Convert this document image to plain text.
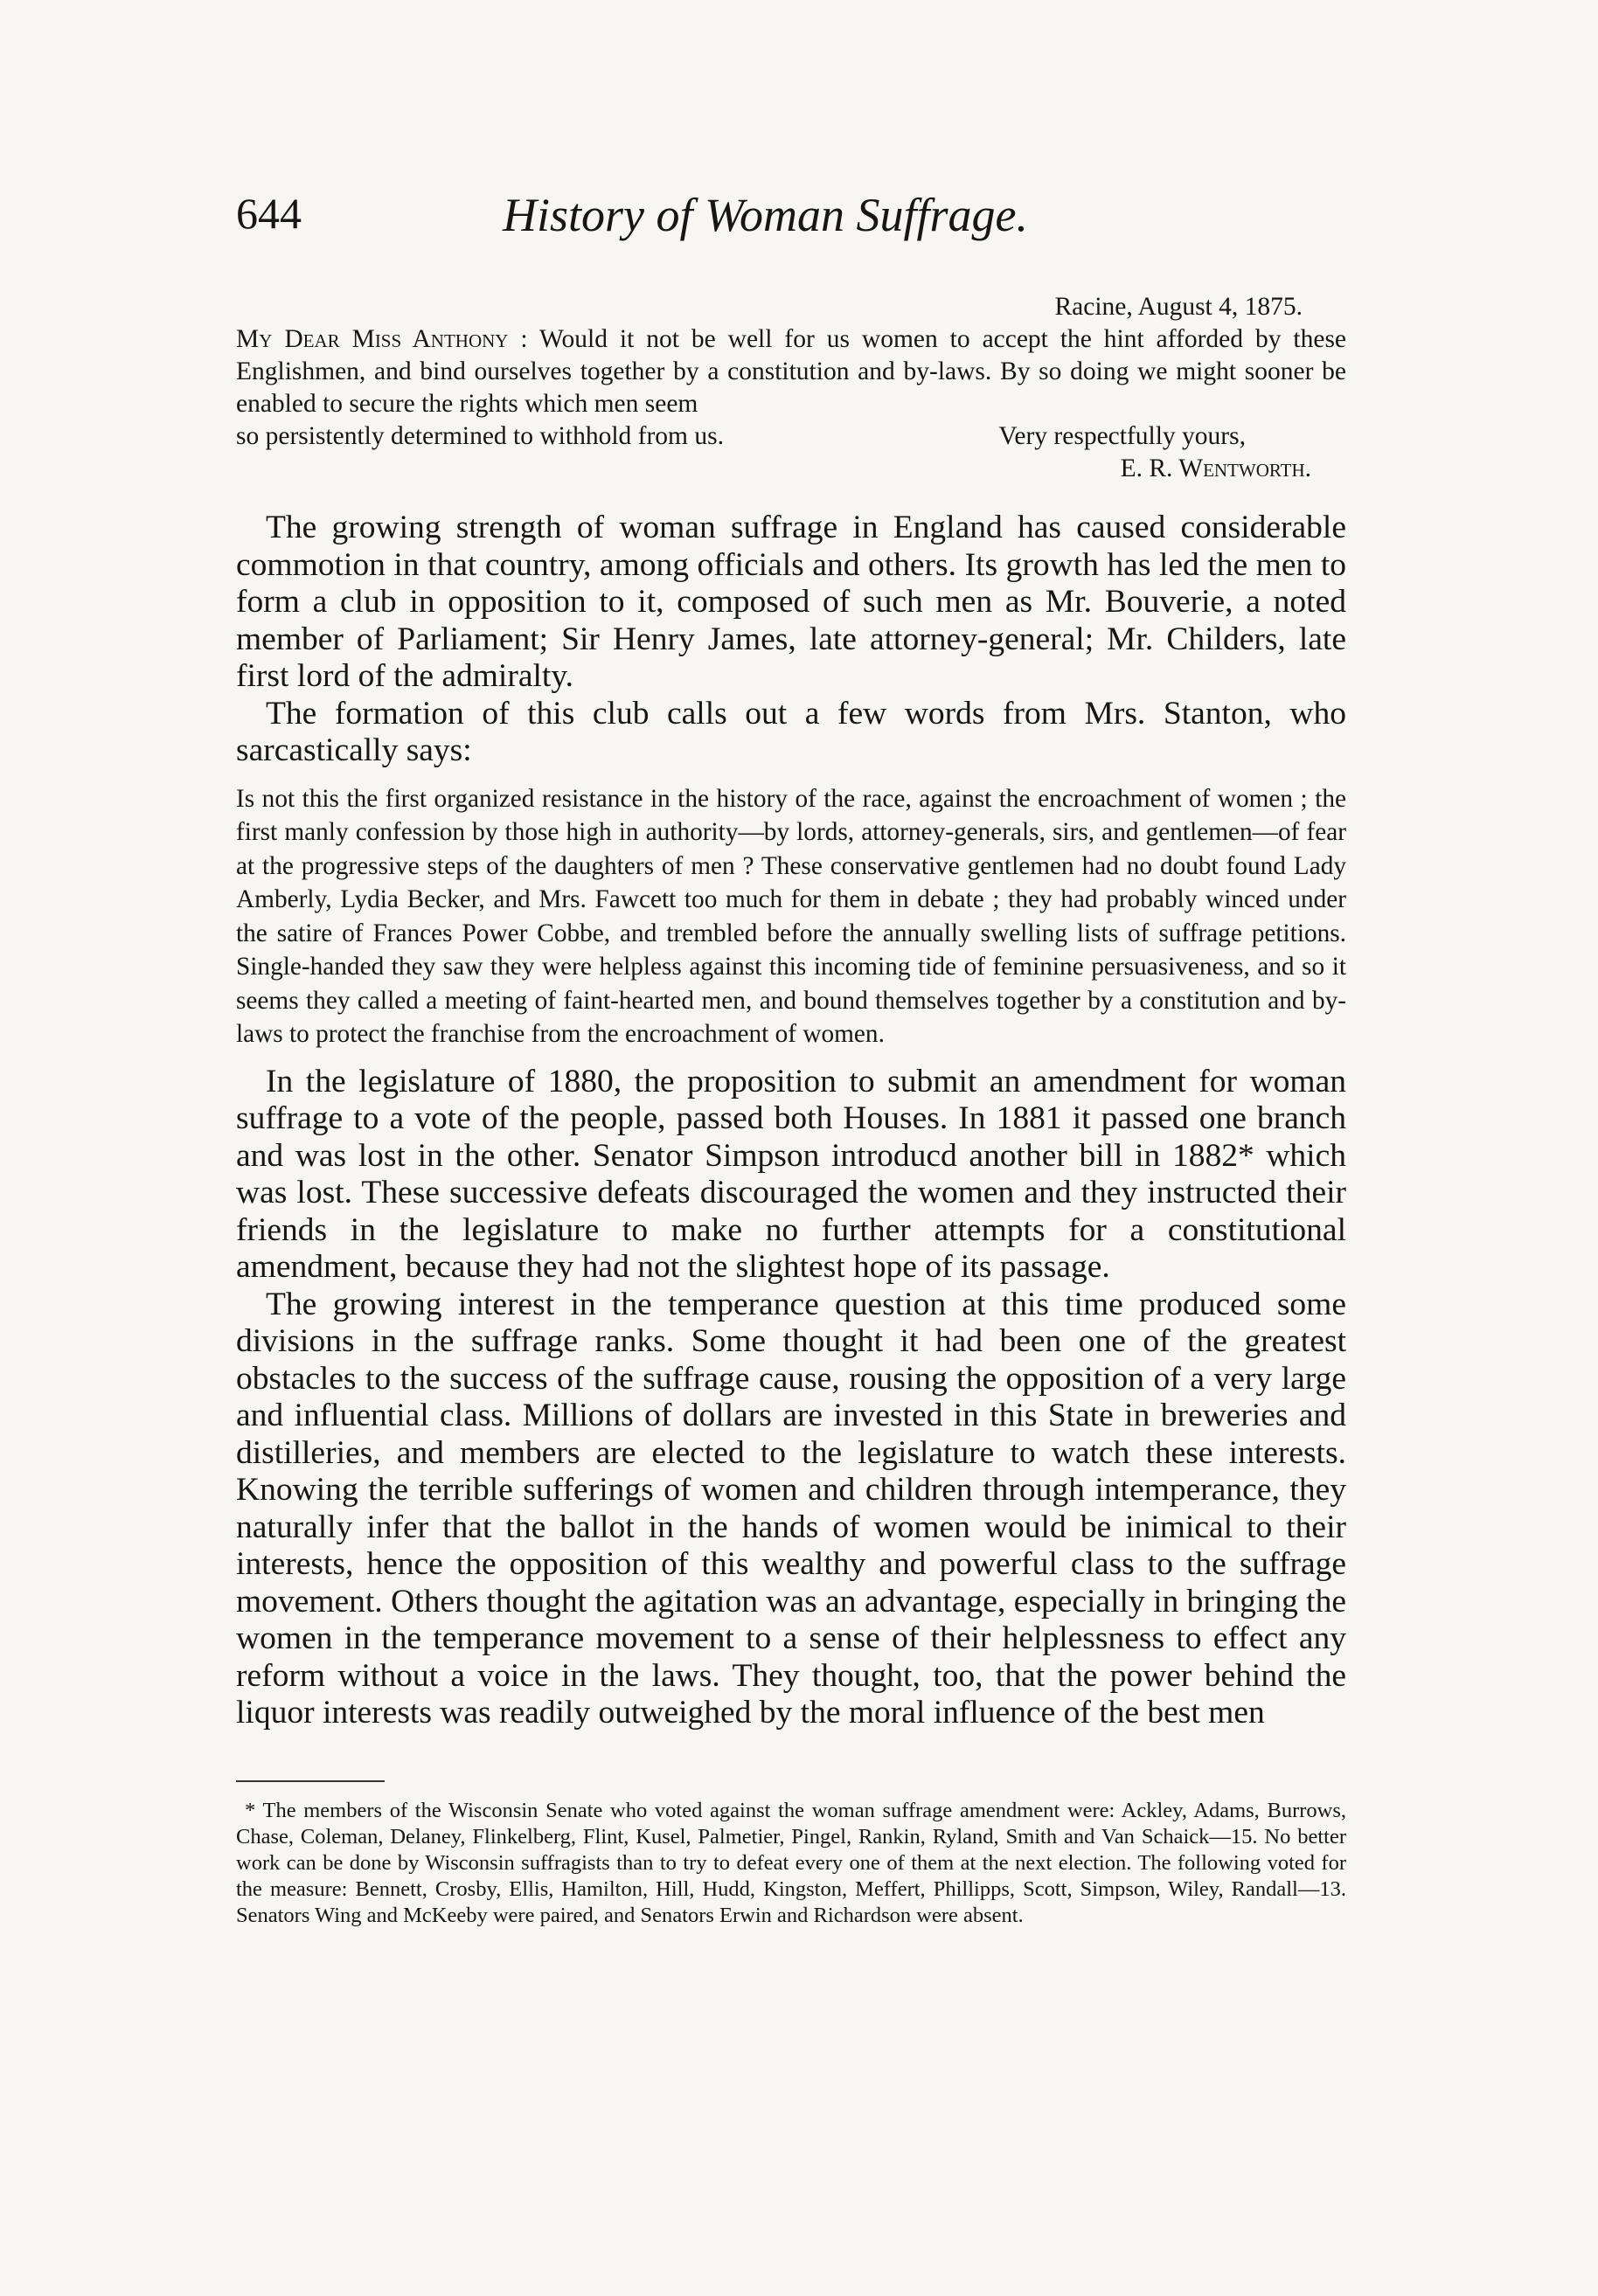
644	History of Woman Suffrage.

Racine, August 4, 1875.

My Dear Miss Anthony : Would it not be well for us women to accept the hint afforded by these Englishmen, and bind ourselves together by a constitution and by-laws. By so doing we might sooner be enabled to secure the rights which men seem

so persistently determined to withhold from us.	Very respectfully yours,

E. R. Wentworth.

The growing strength of woman suffrage in England has caused considerable commotion in that country, among officials and others. Its growth has led the men to form a club in opposition to it, composed of such men as Mr. Bouverie, a noted member of Parliament; Sir Henry James, late attorney-general; Mr. Childers, late first lord of the admiralty.

The formation of this club calls out a few words from Mrs. Stanton, who sarcastically says:

Is not this the first organized resistance in the history of the race, against the encroachment of women ; the first manly confession by those high in authority—by lords, attorney-generals, sirs, and gentlemen—of fear at the progressive steps of the daughters of men ? These conservative gentlemen had no doubt found Lady Amberly, Lydia Becker, and Mrs. Fawcett too much for them in debate ; they had probably winced under the satire of Frances Power Cobbe, and trembled before the annually swelling lists of suffrage petitions. Single-handed they saw they were helpless against this incoming tide of feminine persuasiveness, and so it seems they called a meeting of faint-hearted men, and bound themselves together by a constitution and by-laws to protect the franchise from the encroachment of women.

In the legislature of 1880, the proposition to submit an amendment for woman suffrage to a vote of the people, passed both Houses. In 1881 it passed one branch and was lost in the other. Senator Simpson introducd another bill in 1882* which was lost. These successive defeats discouraged the women and they instructed their friends in the legislature to make no further attempts for a constitutional amendment, because they had not the slightest hope of its passage.

The growing interest in the temperance question at this time produced some divisions in the suffrage ranks. Some thought it had been one of the greatest obstacles to the success of the suffrage cause, rousing the opposition of a very large and influential class. Millions of dollars are invested in this State in breweries and distilleries, and members are elected to the legislature to watch these interests. Knowing the terrible sufferings of women and children through intemperance, they naturally infer that the ballot in the hands of women would be inimical to their interests, hence the opposition of this wealthy and powerful class to the suffrage movement. Others thought the agitation was an advantage, especially in bringing the women in the temperance movement to a sense of their helplessness to effect any reform without a voice in the laws. They thought, too, that the power behind the liquor interests was readily outweighed by the moral influence of the best men

* The members of the Wisconsin Senate who voted against the woman suffrage amendment were: Ackley, Adams, Burrows, Chase, Coleman, Delaney, Flinkelberg, Flint, Kusel, Palmetier, Pingel, Rankin, Ryland, Smith and Van Schaick—15. No better work can be done by Wisconsin suffragists than to try to defeat every one of them at the next election. The following voted for the measure: Bennett, Crosby, Ellis, Hamilton, Hill, Hudd, Kingston, Meffert, Phillipps, Scott, Simpson, Wiley, Randall—13. Senators Wing and McKeeby were paired, and Senators Erwin and Richardson were absent.
